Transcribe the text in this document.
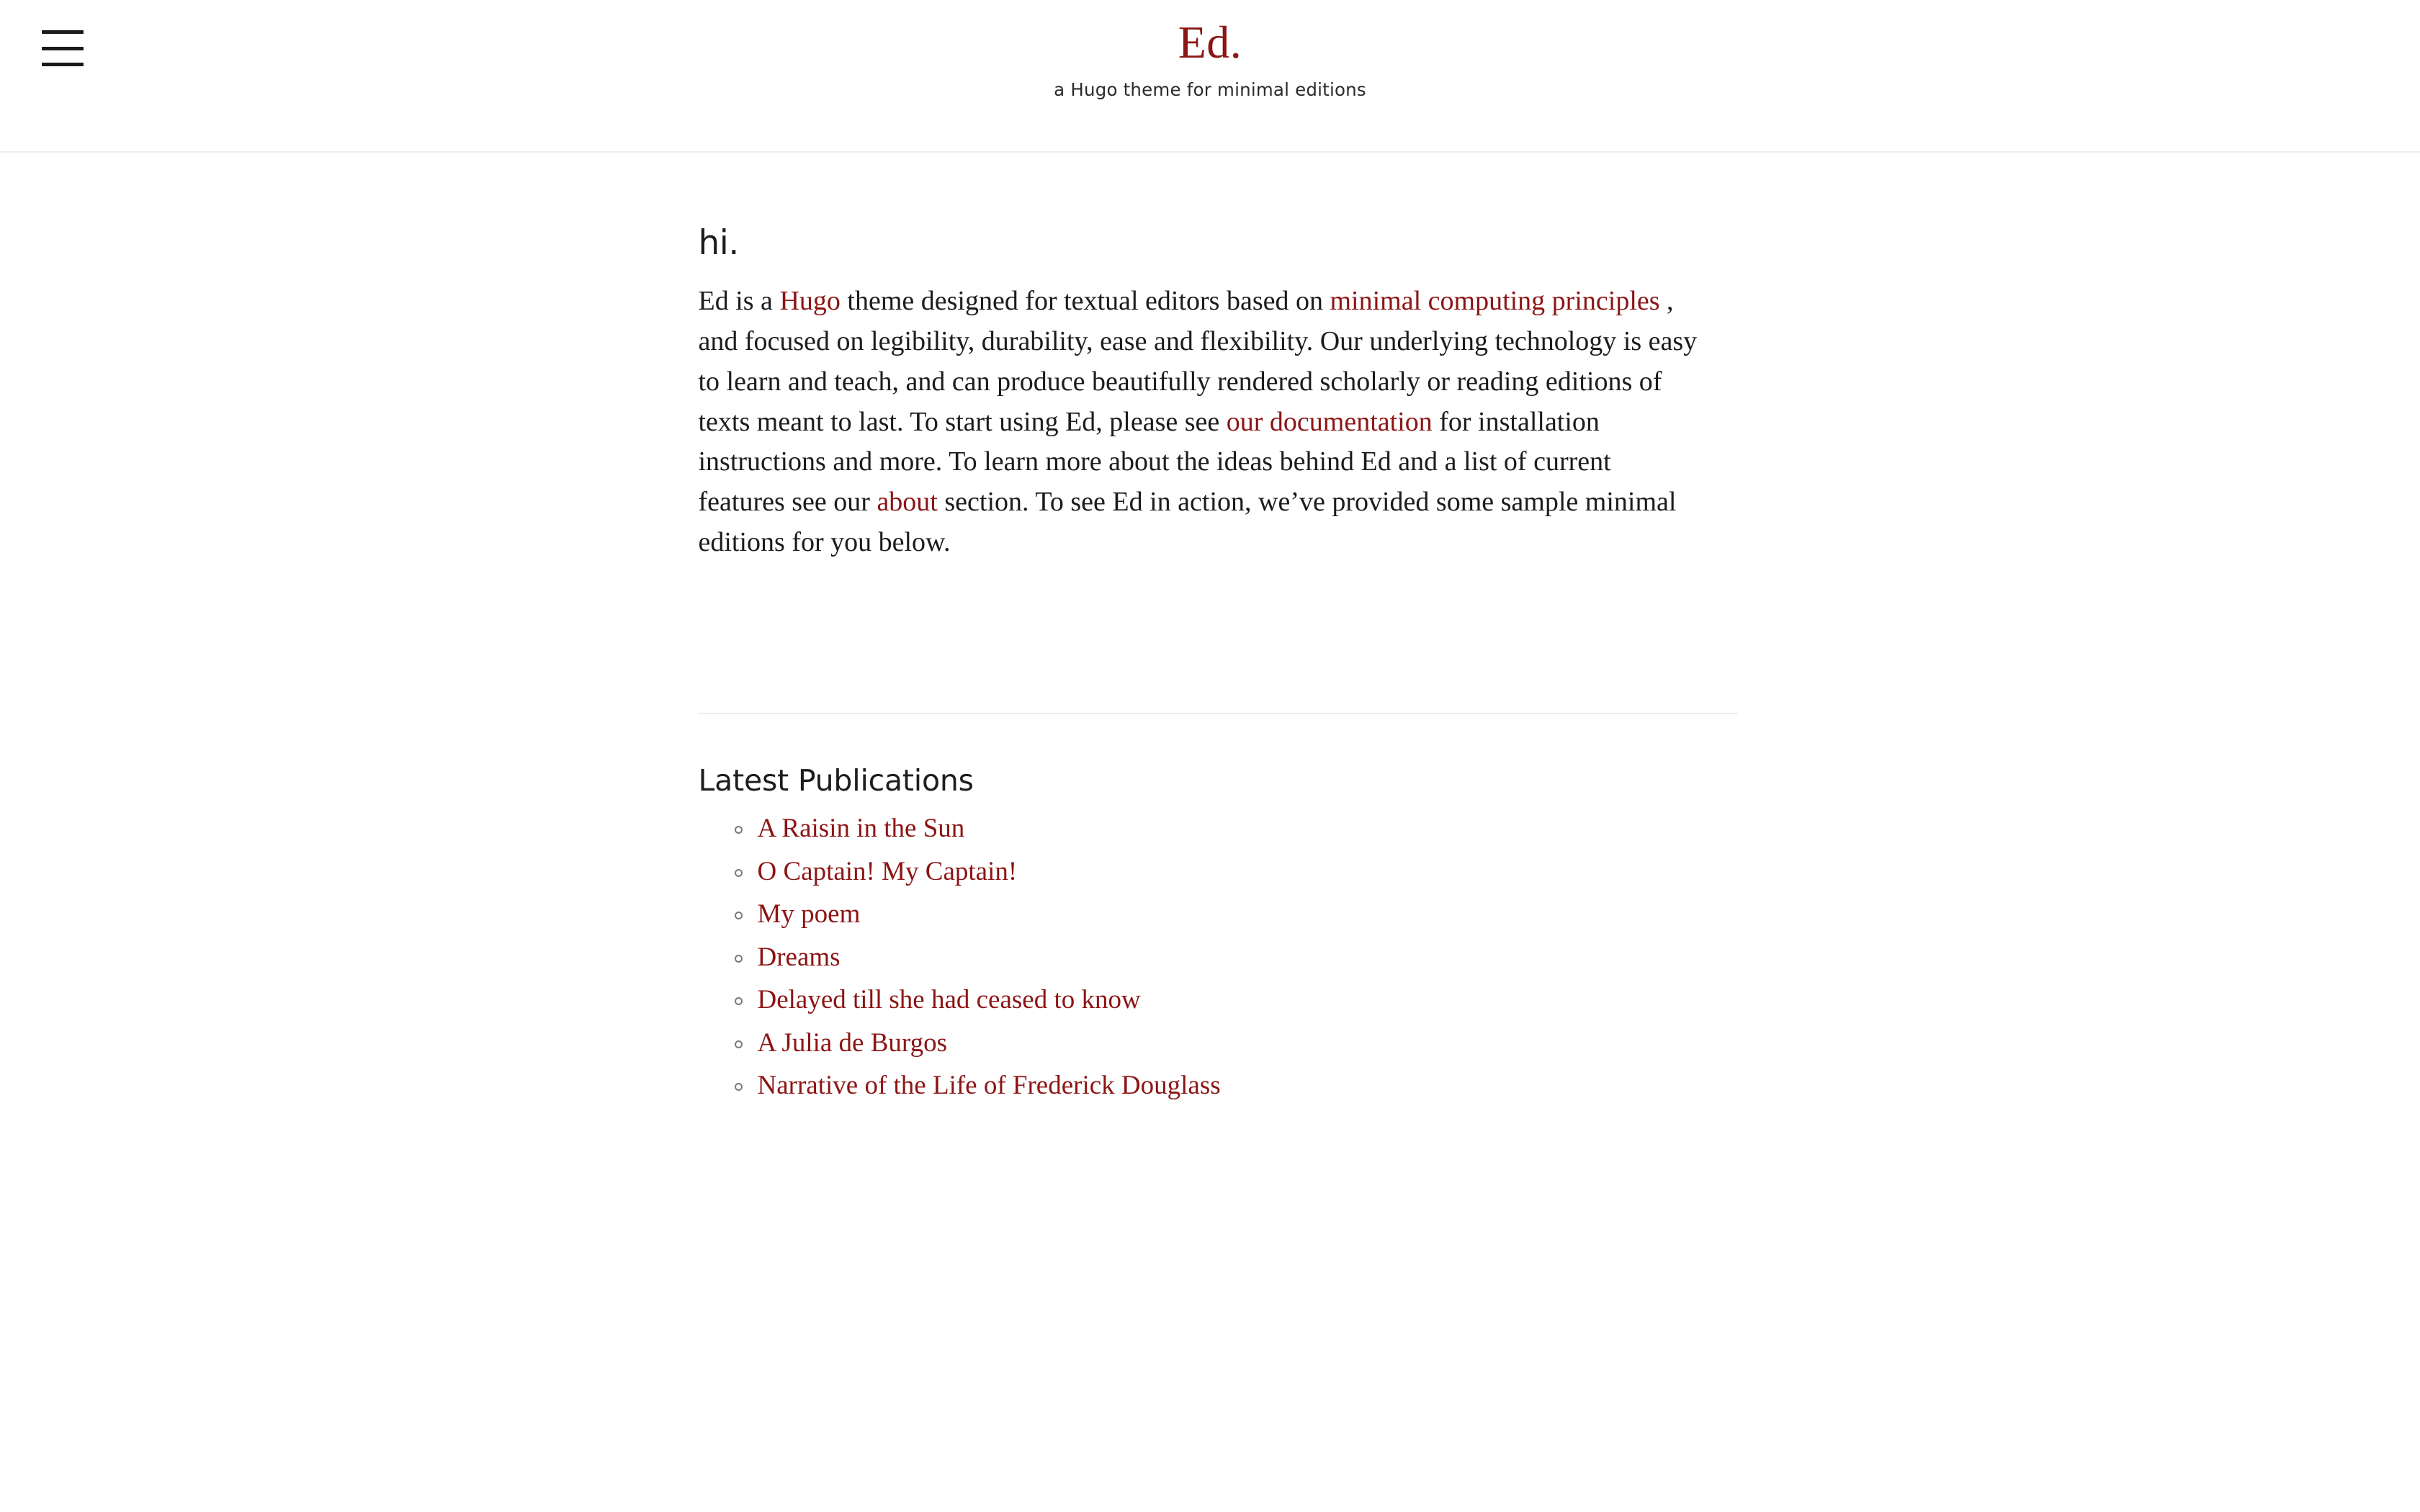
Ed.

a Hugo theme for minimal editions

hi.

Ed is a Hugo theme designed for textual editors based on minimal computing principles , and focused on legibility, durability, ease and flexibility. Our underlying technology is easy to learn and teach, and can produce beautifully rendered scholarly or reading editions of texts meant to last. To start using Ed, please see our documentation for installation instructions and more. To learn more about the ideas behind Ed and a list of current features see our about section. To see Ed in action, we’ve provided some sample minimal editions for you below.

Latest Publications
A Raisin in the Sun
O Captain! My Captain!
My poem
Dreams
Delayed till she had ceased to know
A Julia de Burgos
Narrative of the Life of Frederick Douglass
